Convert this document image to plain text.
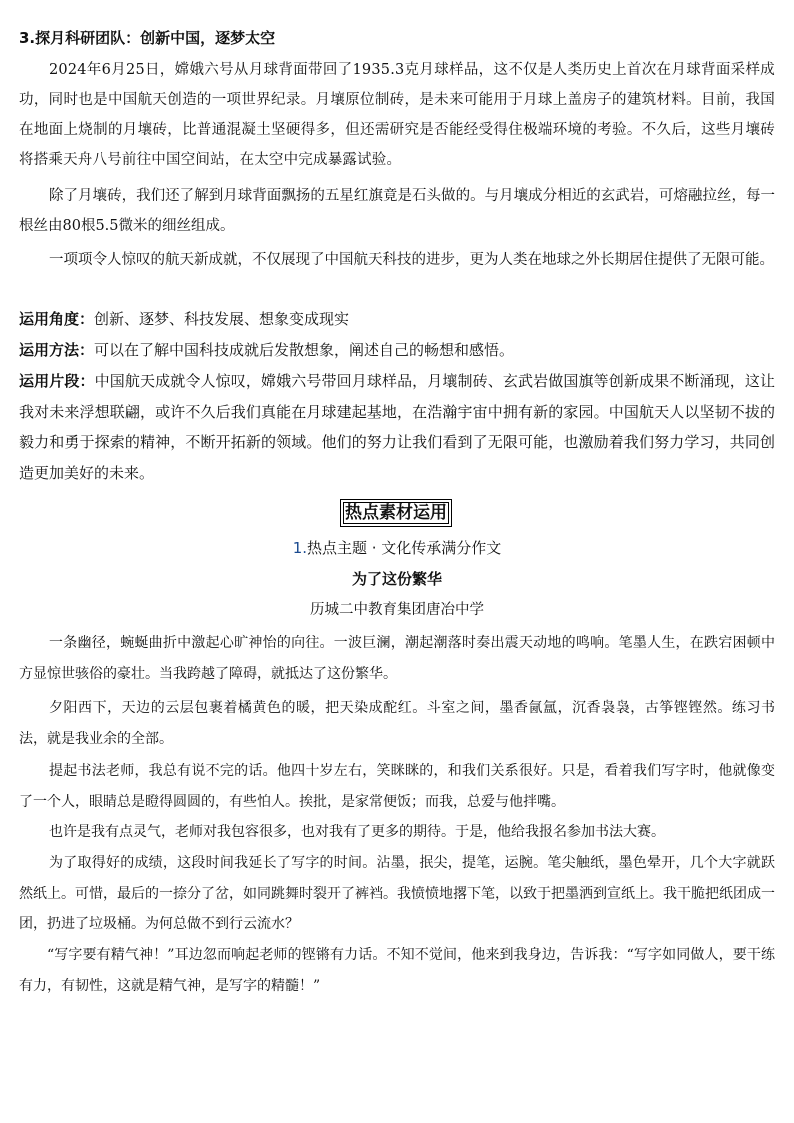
3.探月科研团队：创新中国，逐梦太空

2024年6月25日，嫦娥六号从月球背面带回了1935.3克月球样品，这不仅是人类历史上首次在月球背面采样成功，同时也是中国航天创造的一项世界纪录。月壤原位制砖，是未来可能用于月球上盖房子的建筑材料。目前，我国在地面上烧制的月壤砖，比普通混凝土坚硬得多，但还需研究是否能经受得住极端环境的考验。不久后，这些月壤砖将搭乘天舟八号前往中国空间站，在太空中完成暴露试验。

除了月壤砖，我们还了解到月球背面飘扬的五星红旗竟是石头做的。与月壤成分相近的玄武岩，可熔融拉丝，每一根丝由80根5.5微米的细丝组成。

一项项令人惊叹的航天新成就，不仅展现了中国航天科技的进步，更为人类在地球之外长期居住提供了无限可能。

运用角度：创新、逐梦、科技发展、想象变成现实

运用方法：可以在了解中国科技成就后发散想象，阐述自己的畅想和感悟。

运用片段：中国航天成就令人惊叹，嫦娥六号带回月球样品，月壤制砖、玄武岩做国旗等创新成果不断涌现，这让我对未来浮想联翩，或许不久后我们真能在月球建起基地，在浩瀚宇宙中拥有新的家园。中国航天人以坚韧不拔的毅力和勇于探索的精神，不断开拓新的领域。他们的努力让我们看到了无限可能，也激励着我们努力学习，共同创造更加美好的未来。

热点素材运用

1.热点主题 · 文化传承满分作文

为了这份繁华

历城二中教育集团唐冶中学

一条幽径，蜿蜒曲折中激起心旷神怡的向往。一波巨澜，潮起潮落时奏出震天动地的鸣响。笔墨人生，在跌宕困顿中方显惊世骇俗的豪壮。当我跨越了障碍，就抵达了这份繁华。

夕阳西下，天边的云层包裹着橘黄色的暖，把天染成酡红。斗室之间，墨香氤氲，沉香袅袅，古筝铿铿然。练习书法，就是我业余的全部。

提起书法老师，我总有说不完的话。他四十岁左右，笑眯眯的，和我们关系很好。只是，看着我们写字时，他就像变了一个人，眼睛总是瞪得圆圆的，有些怕人。挨批，是家常便饭；而我，总爱与他拌嘴。

也许是我有点灵气，老师对我包容很多，也对我有了更多的期待。于是，他给我报名参加书法大赛。

为了取得好的成绩，这段时间我延长了写字的时间。沾墨，抿尖，提笔，运腕。笔尖触纸，墨色晕开，几个大字就跃然纸上。可惜，最后的一捺分了岔，如同跳舞时裂开了裤裆。我愤愤地撂下笔，以致于把墨洒到宣纸上。我干脆把纸团成一团，扔进了垃圾桶。为何总做不到行云流水？

“写字要有精气神！”耳边忽而响起老师的铿锵有力话。不知不觉间，他来到我身边，告诉我：“写字如同做人，要干练有力，有韧性，这就是精气神，是写字的精髓！”
